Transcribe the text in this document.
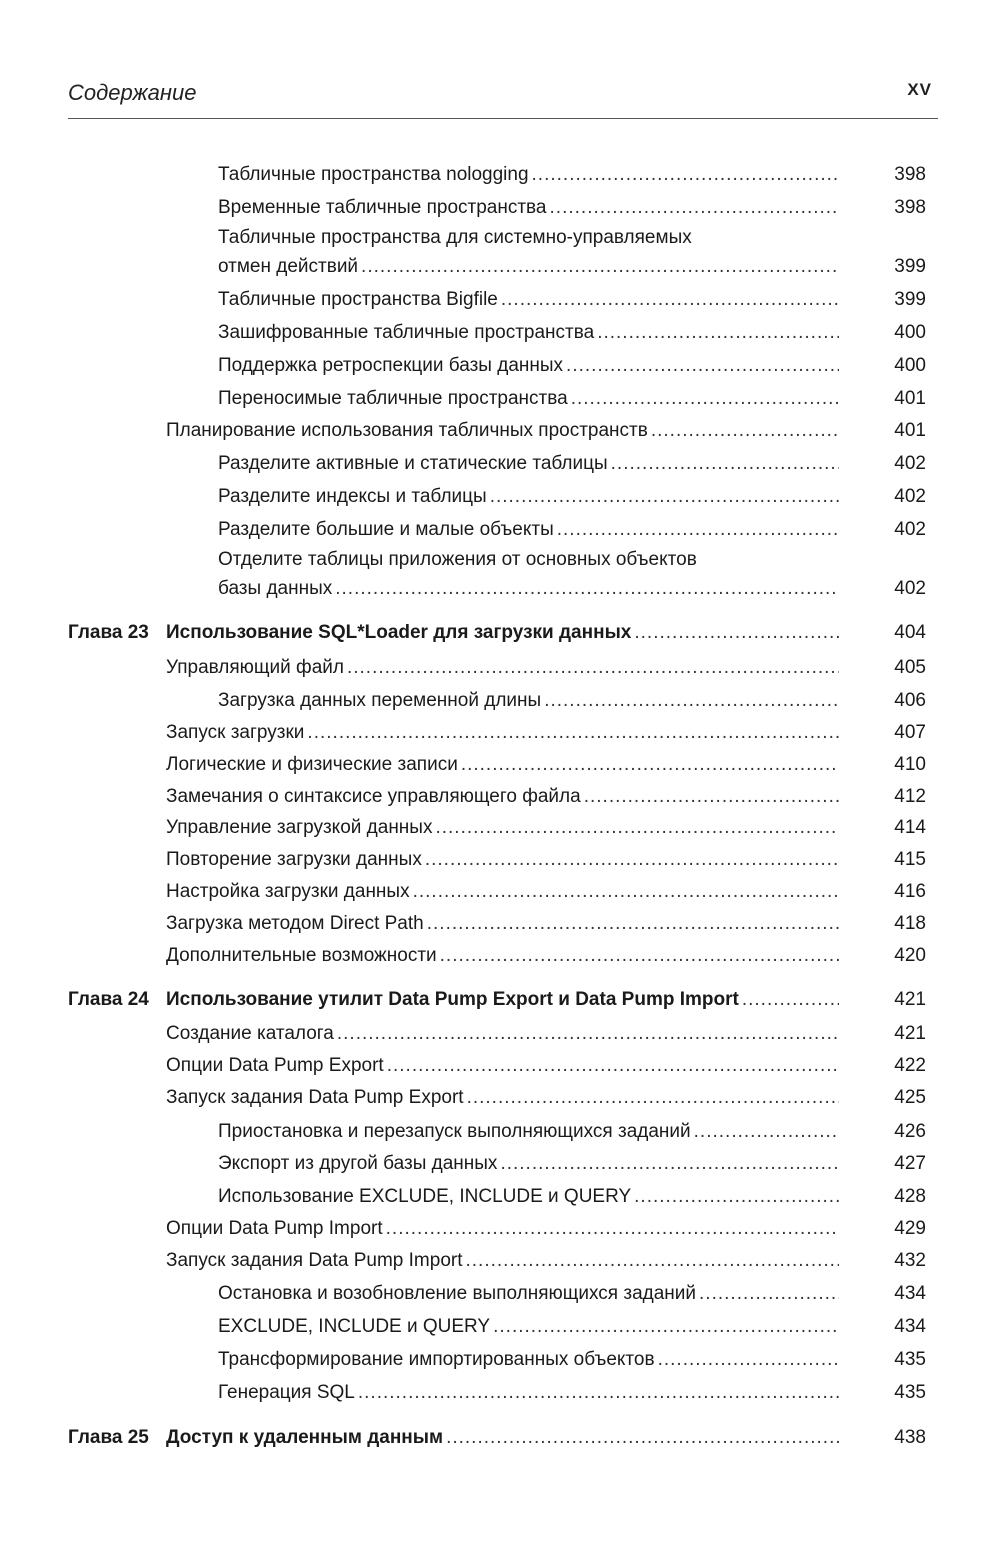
Содержание	XV
Табличные пространства nologging .....	398
Временные табличные пространства .....	398
Табличные пространства для системно-управляемых
отмен действий .....	399
Табличные пространства Bigfile .....	399
Зашифрованные табличные пространства .....	400
Поддержка ретроспекции базы данных .....	400
Переносимые табличные пространства .....	401
Планирование использования табличных пространств .....	401
Разделите активные и статические таблицы .....	402
Разделите индексы и таблицы .....	402
Разделите большие и малые объекты .....	402
Отделите таблицы приложения от основных объектов
базы данных .....	402
Глава 23 Использование SQL*Loader для загрузки данных .....	404
Управляющий файл .....	405
Загрузка данных переменной длины .....	406
Запуск загрузки .....	407
Логические и физические записи .....	410
Замечания о синтаксисе управляющего файла .....	412
Управление загрузкой данных .....	414
Повторение загрузки данных .....	415
Настройка загрузки данных .....	416
Загрузка методом Direct Path .....	418
Дополнительные возможности .....	420
Глава 24 Использование утилит Data Pump Export и Data Pump Import .....	421
Создание каталога .....	421
Опции Data Pump Export .....	422
Запуск задания Data Pump Export .....	425
Приостановка и перезапуск выполняющихся заданий .....	426
Экспорт из другой базы данных .....	427
Использование EXCLUDE, INCLUDE и QUERY .....	428
Опции Data Pump Import .....	429
Запуск задания Data Pump Import .....	432
Остановка и возобновление выполняющихся заданий .....	434
EXCLUDE, INCLUDE и QUERY .....	434
Трансформирование импортированных объектов .....	435
Генерация SQL .....	435
Глава 25 Доступ к удаленным данным .....	438
